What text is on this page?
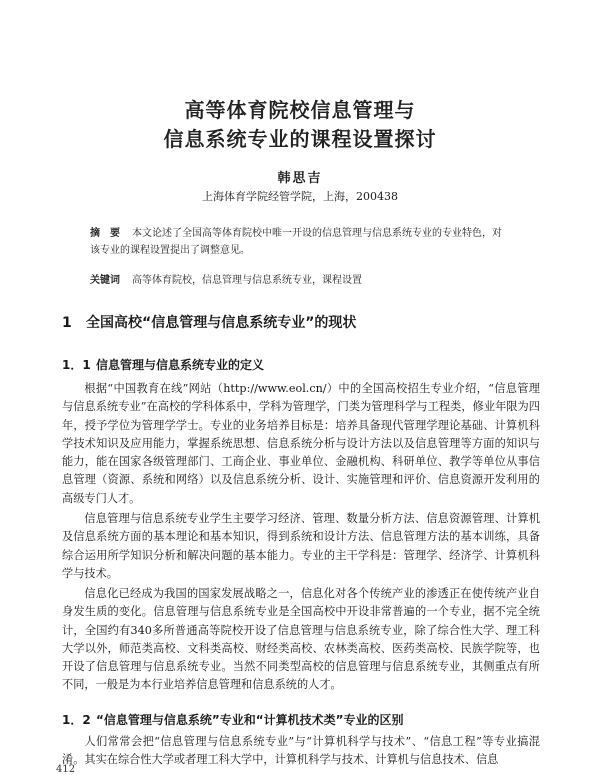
高等体育院校信息管理与
信息系统专业的课程设置探讨
韩思吉
上海体育学院经管学院，上海，200438
摘　要 本文论述了全国高等体育院校中唯一开设的信息管理与信息系统专业的专业特色，对该专业的课程设置提出了调整意见。
关键词 高等体育院校，信息管理与信息系统专业，课程设置
1 全国高校“信息管理与信息系统专业”的现状
1．1 信息管理与信息系统专业的定义
根据“中国教育在线”网站（http://www.eol.cn/）中的全国高校招生专业介绍，“信息管理与信息系统专业”在高校的学科体系中，学科为管理学，门类为管理科学与工程类，修业年限为四年，授予学位为管理学学士。专业的业务培养目标是：培养具备现代管理学理论基础、计算机科学技术知识及应用能力，掌握系统思想、信息系统分析与设计方法以及信息管理等方面的知识与能力，能在国家各级管理部门、工商企业、事业单位、金融机构、科研单位、教学等单位从事信息管理（资源、系统和网络）以及信息系统分析、设计、实施管理和评价、信息资源开发利用的高级专门人才。
信息管理与信息系统专业学生主要学习经济、管理、数量分析方法、信息资源管理、计算机及信息系统方面的基本理论和基本知识，得到系统和设计方法、信息管理方法的基本训练，具备综合运用所学知识分析和解决问题的基本能力。专业的主干学科是：管理学、经济学、计算机科学与技术。
信息化已经成为我国的国家发展战略之一，信息化对各个传统产业的渗透正在使传统产业自身发生质的变化。信息管理与信息系统专业是全国高校中开设非常普遍的一个专业，据不完全统计，全国约有340多所普通高等院校开设了信息管理与信息系统专业，除了综合性大学、理工科大学以外，师范类高校、文科类高校、财经类高校、农林类高校、医药类高校、民族学院等，也开设了信息管理与信息系统专业。当然不同类型高校的信息管理与信息系统专业，其侧重点有所不同，一般是为本行业培养信息管理和信息系统的人才。
1．2 “信息管理与信息系统”专业和“计算机技术类”专业的区别
人们常常会把“信息管理与信息系统专业”与“计算机科学与技术”、“信息工程”等专业搞混淆。其实在综合性大学或者理工科大学中，计算机科学与技术、计算机与信息技术、信息
412
